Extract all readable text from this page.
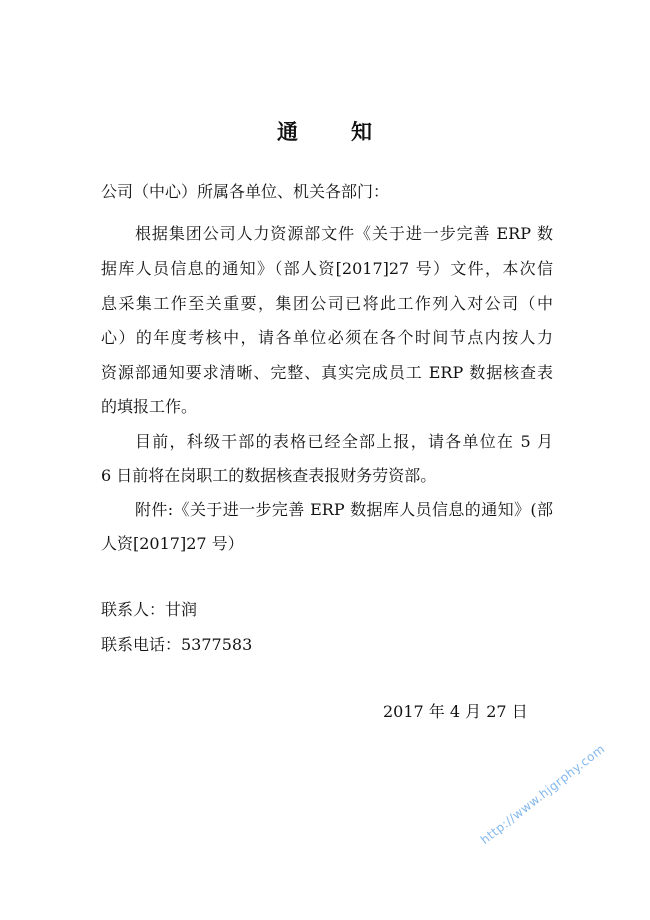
通 知

公司（中心）所属各单位、机关各部门：

根据集团公司人力资源部文件《关于进一步完善 ERP 数

据库人员信息的通知》（部人资[2017]27 号）文件，本次信

息采集工作至关重要，集团公司已将此工作列入对公司（中

心）的年度考核中，请各单位必须在各个时间节点内按人力

资源部通知要求清晰、完整、真实完成员工 ERP 数据核查表

的填报工作。

目前，科级干部的表格已经全部上报，请各单位在 5 月

6 日前将在岗职工的数据核查表报财务劳资部。

附件:《关于进一步完善 ERP 数据库人员信息的通知》(部

人资[2017]27 号）

联系人：甘润

联系电话：5377583

2017 年 4 月 27 日

http://www.hjgrphy.com
